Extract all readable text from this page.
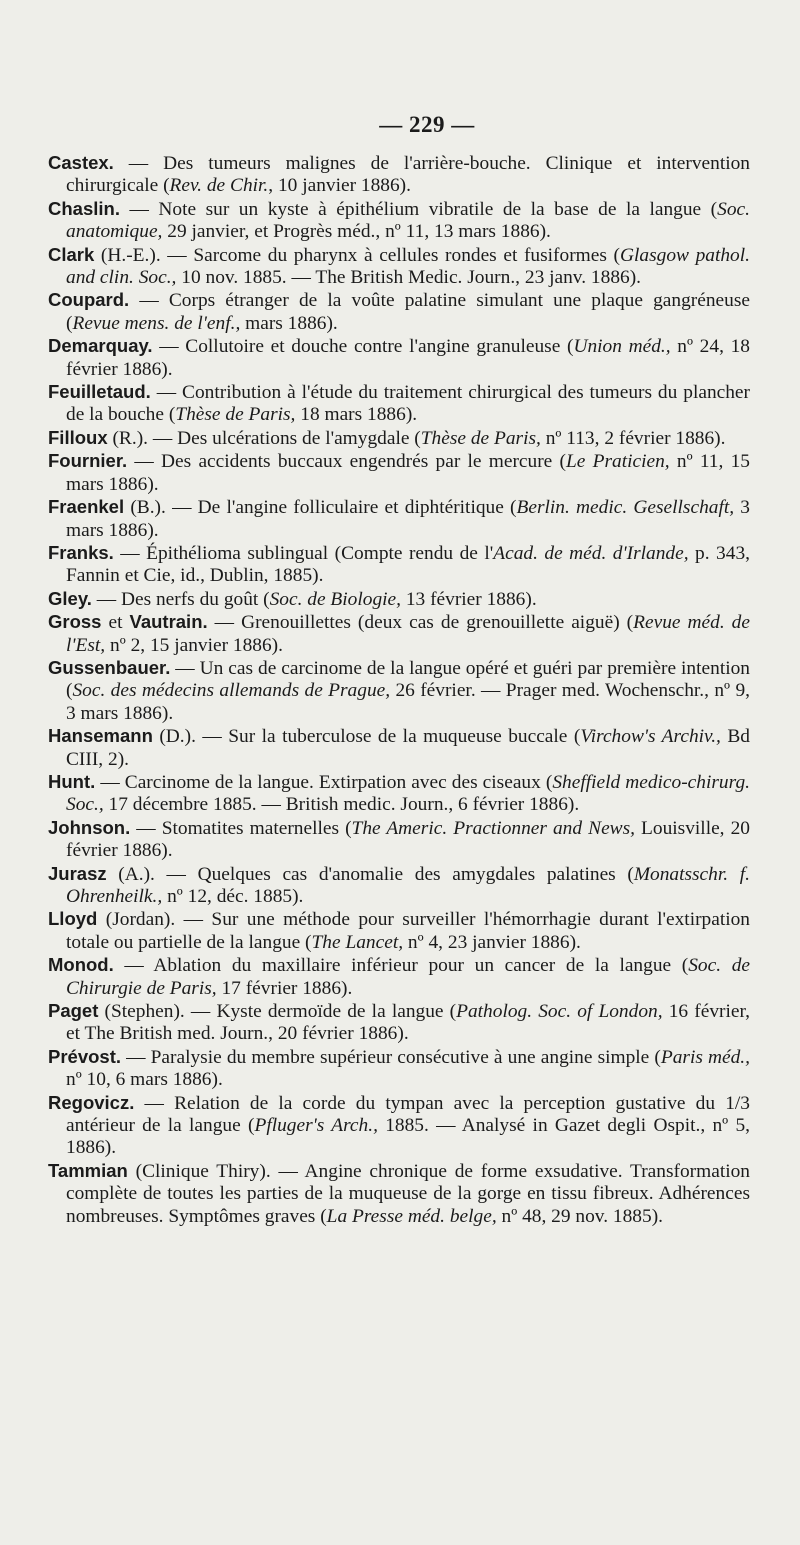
— 229 —

Castex. — Des tumeurs malignes de l'arrière-bouche. Clinique et intervention chirurgicale (Rev. de Chir., 10 janvier 1886).

Chaslin. — Note sur un kyste à épithélium vibratile de la base de la langue (Soc. anatomique, 29 janvier, et Progrès méd., nº 11, 13 mars 1886).

Clark (H.-E.). — Sarcome du pharynx à cellules rondes et fusiformes (Glasgow pathol. and clin. Soc., 10 nov. 1885. — The British Medic. Journ., 23 janv. 1886).

Coupard. — Corps étranger de la voûte palatine simulant une plaque gangréneuse (Revue mens. de l'enf., mars 1886).

Demarquay. — Collutoire et douche contre l'angine granuleuse (Union méd., nº 24, 18 février 1886).

Feuilletaud. — Contribution à l'étude du traitement chirurgical des tumeurs du plancher de la bouche (Thèse de Paris, 18 mars 1886).

Filloux (R.). — Des ulcérations de l'amygdale (Thèse de Paris, nº 113, 2 février 1886).

Fournier. — Des accidents buccaux engendrés par le mercure (Le Praticien, nº 11, 15 mars 1886).

Fraenkel (B.). — De l'angine folliculaire et diphtéritique (Berlin. medic. Gesellschaft, 3 mars 1886).

Franks. — Épithélioma sublingual (Compte rendu de l'Acad. de méd. d'Irlande, p. 343, Fannin et Cie, id., Dublin, 1885).

Gley. — Des nerfs du goût (Soc. de Biologie, 13 février 1886).

Gross et Vautrain. — Grenouillettes (deux cas de grenouillette aiguë) (Revue méd. de l'Est, nº 2, 15 janvier 1886).

Gussenbauer. — Un cas de carcinome de la langue opéré et guéri par première intention (Soc. des médecins allemands de Prague, 26 février. — Prager med. Wochenschr., nº 9, 3 mars 1886).

Hansemann (D.). — Sur la tuberculose de la muqueuse buccale (Virchow's Archiv., Bd CIII, 2).

Hunt. — Carcinome de la langue. Extirpation avec des ciseaux (Sheffield medico-chirurg. Soc., 17 décembre 1885. — British medic. Journ., 6 février 1886).

Johnson. — Stomatites maternelles (The Americ. Practionner and News, Louisville, 20 février 1886).

Jurasz (A.). — Quelques cas d'anomalie des amygdales palatines (Monatsschr. f. Ohrenheilk., nº 12, déc. 1885).

Lloyd (Jordan). — Sur une méthode pour surveiller l'hémorrhagie durant l'extirpation totale ou partielle de la langue (The Lancet, nº 4, 23 janvier 1886).

Monod. — Ablation du maxillaire inférieur pour un cancer de la langue (Soc. de Chirurgie de Paris, 17 février 1886).

Paget (Stephen). — Kyste dermoïde de la langue (Patholog. Soc. of London, 16 février, et The British med. Journ., 20 février 1886).

Prévost. — Paralysie du membre supérieur consécutive à une angine simple (Paris méd., nº 10, 6 mars 1886).

Regovicz. — Relation de la corde du tympan avec la perception gustative du 1/3 antérieur de la langue (Pfluger's Arch., 1885. — Analysé in Gazet degli Ospit., nº 5, 1886).

Tammian (Clinique Thiry). — Angine chronique de forme exsudative. Transformation complète de toutes les parties de la muqueuse de la gorge en tissu fibreux. Adhérences nombreuses. Symptômes graves (La Presse méd. belge, nº 48, 29 nov. 1885).
